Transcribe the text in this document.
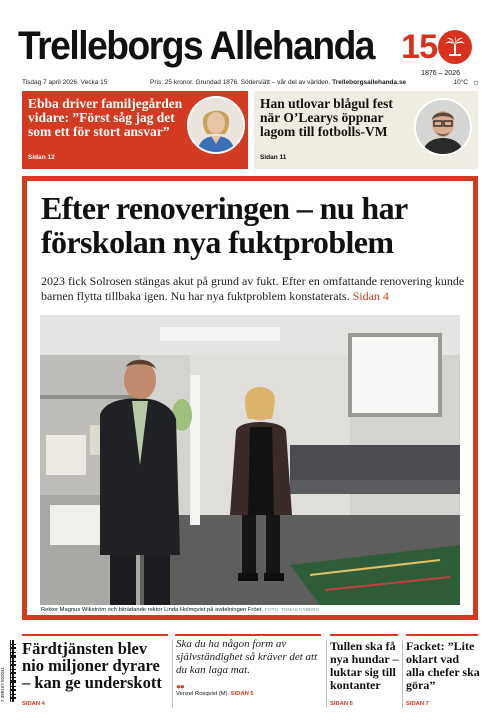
Trelleborgs Allehanda 15
1876 – 2026
Tisdag 7 april 2026. Vecka 15	Pris: 25 kronor. Grundad 1876. Söderslätt – vår del av världen. Trelleborgsallehanda.se	10°C ☼
Ebba driver familjegården vidare: ”Först såg jag det som ett för stort ansvar”
Sidan 12
Han utlovar blågul fest när O’Learys öppnar lagom till fotbolls-VM
Sidan 11
Efter renoveringen – nu har förskolan nya fuktproblem

2023 fick Solrosen stängas akut på grund av fukt. Efter en omfattande renovering kunde barnen flytta tillbaka igen. Nu har nya fuktproblem konstaterats. Sidan 4

Rektor Magnus Wikström och biträdande rektor Linda Holmqvist på avdelningen Fröet. FOTO: TOMAS NYBERG
7 388107 502041
Färdtjänsten blev nio miljoner dyrare – kan ge underskott
SIDAN 4
Ska du ha någon form av självständighet så kräver det att du kan laga mat.
●●
Venzel Rosqvist (M). SIDAN 5
Tullen ska få nya hundar – luktar sig till kontanter
SIDAN 5
Facket: ”Lite oklart vad alla chefer ska göra”
SIDAN 7
